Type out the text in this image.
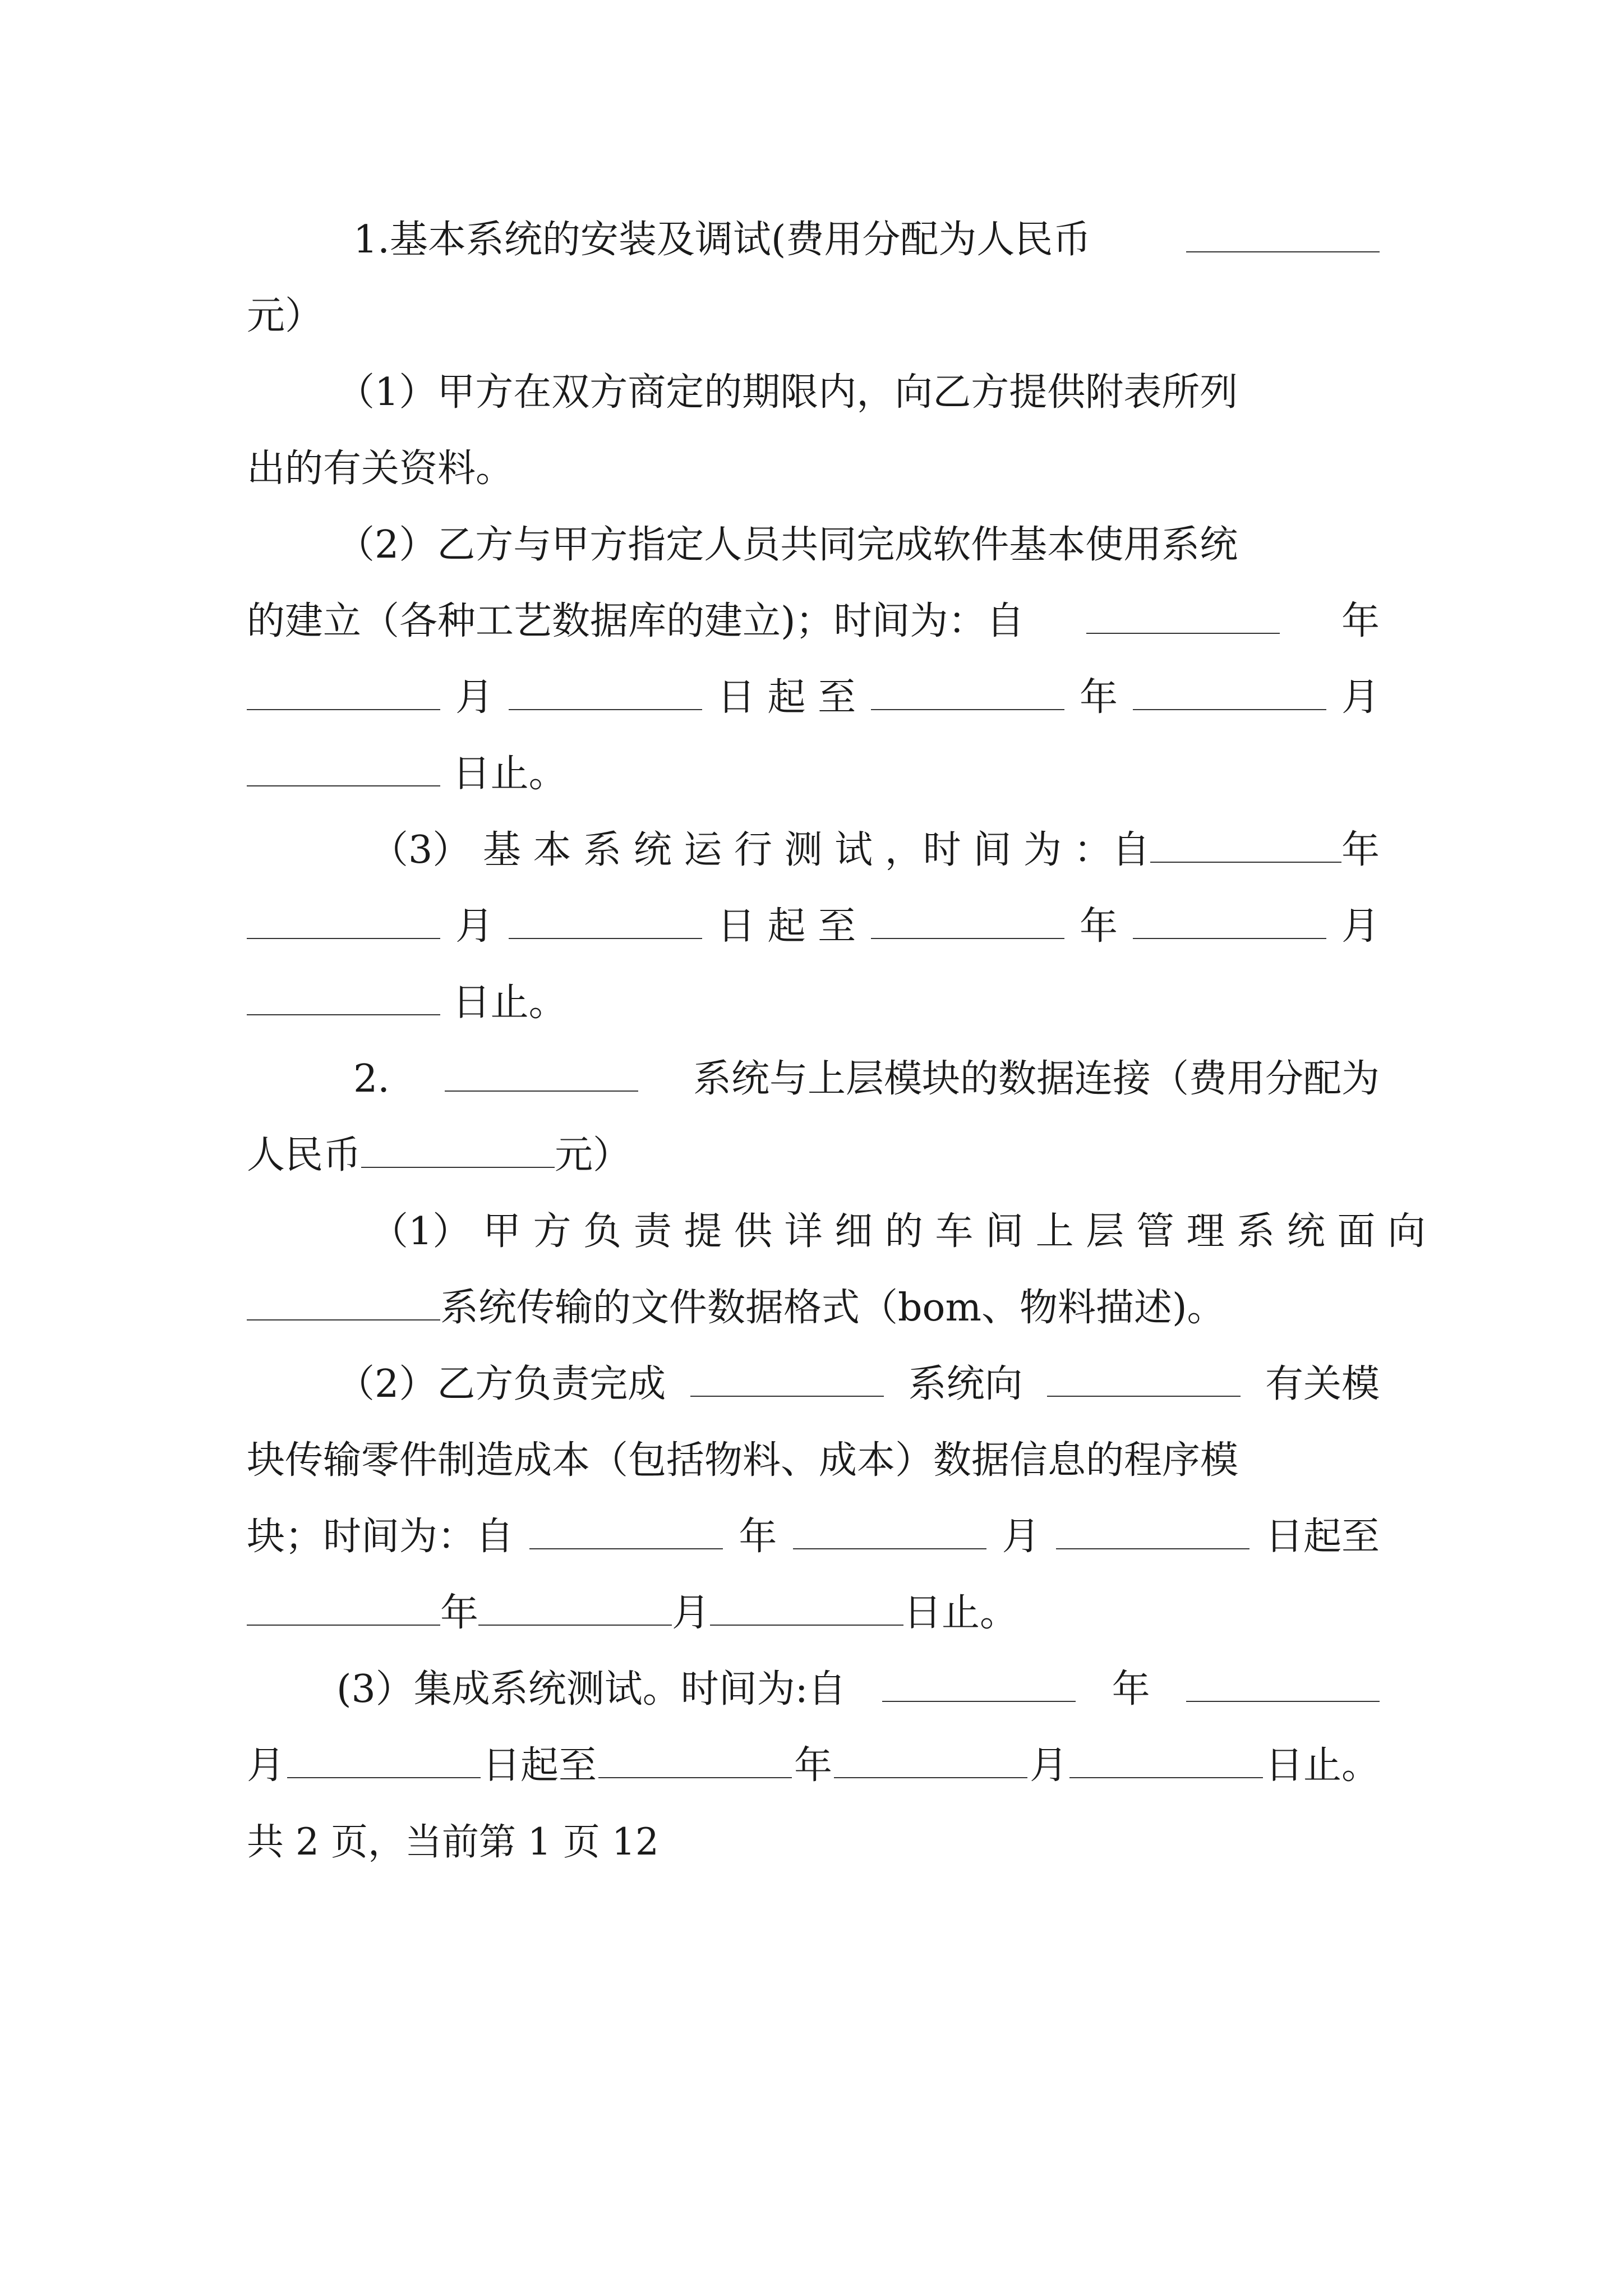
1.基本系统的安装及调试(费用分配为人民币
元）
（1）甲方在双方商定的期限内，向乙方提供附表所列
出的有关资料。
（2）乙方与甲方指定人员共同完成软件基本使用系统
的建立（各种工艺数据库的建立)；时间为：自	年
月	日 起 至	年	月
日止。
（3） 基 本 系 统 运 行 测 试 ，时 间 为 ：自	年
月	日 起 至	年	月
日止。
2.	系统与上层模块的数据连接（费用分配为
人民币	元）
（1） 甲 方 负 责 提 供 详 细 的 车 间 上 层 管 理 系 统 面 向
系统传输的文件数据格式（bom、物料描述)。
（2）乙方负责完成	系统向	有关模
块传输零件制造成本（包括物料、成本）数据信息的程序模
块；时间为：自	年	月	日起至
年	月	日止。
(3）集成系统测试。时间为:自	年
月	日起至	年	月	日止。
共 2 页，当前第 1 页 12
